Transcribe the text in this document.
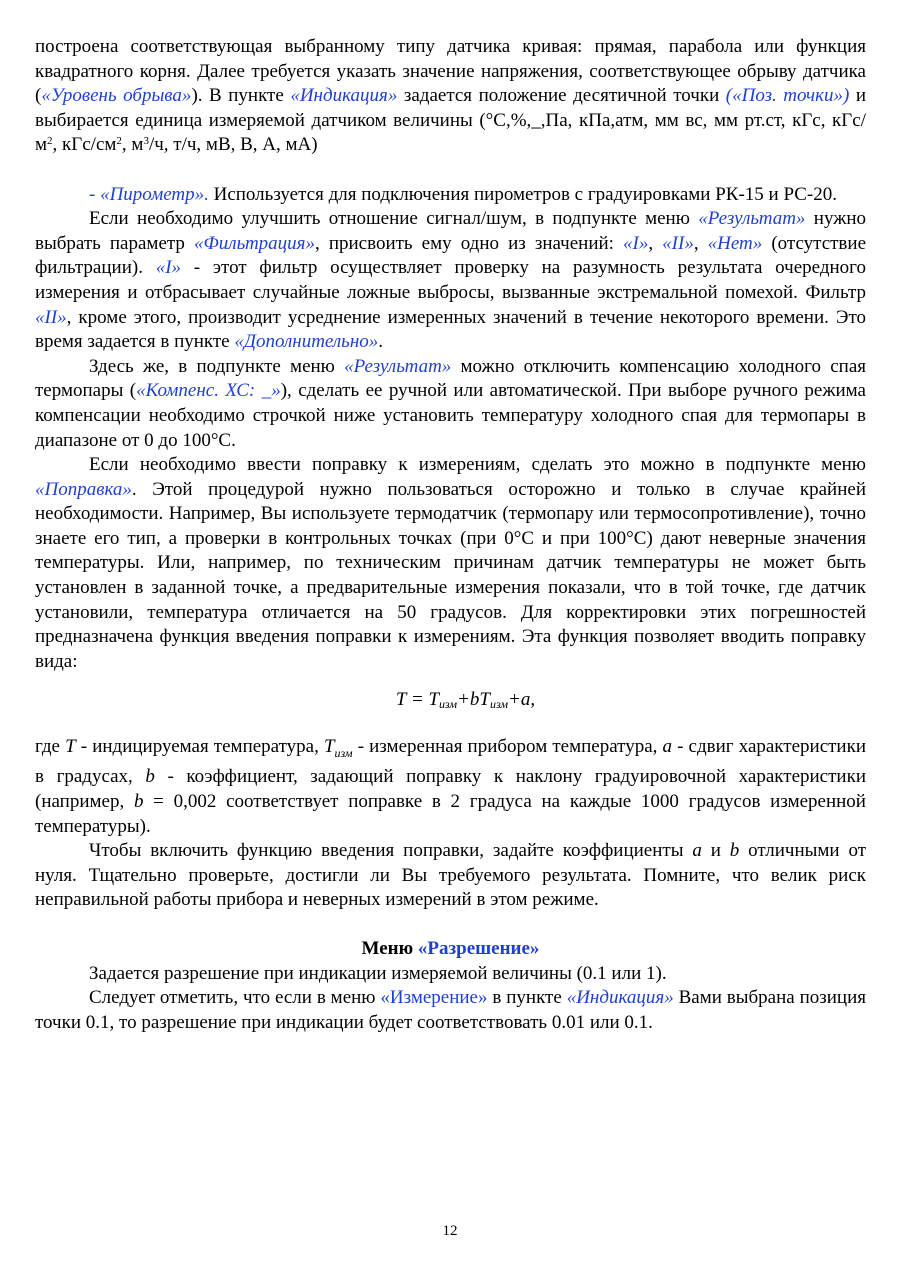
построена соответствующая выбранному типу датчика кривая: прямая, парабола или функция квадратного корня. Далее требуется указать значение напряжения, соответствующее обрыву датчика («Уровень обрыва»). В пункте «Индикация» задается положение десятичной точки («Поз. точки») и выбирается единица измеряемой датчиком величины (°С,%,_,Па, кПа,атм, мм вс, мм рт.ст, кГс, кГс/$м^2$, кГс/$см^2$, $м^3/ч$, т/ч, мВ, В, А, мА)

- «Пирометр». Используется для подключения пирометров с градуировками РК-15 и РС-20.

Если необходимо улучшить отношение сигнал/шум, в подпункте меню «Результат» нужно выбрать параметр «Фильтрация», присвоить ему одно из значений: «I», «II», «Нет» (отсутствие фильтрации). «I» - этот фильтр осуществляет проверку на разумность результата очередного измерения и отбрасывает случайные ложные выбросы, вызванные экстремальной помехой. Фильтр «II», кроме этого, производит усреднение измеренных значений в течение некоторого времени. Это время задается в пункте «Дополнительно».

Здесь же, в подпункте меню «Результат» можно отключить компенсацию холодного спая термопары («Компенс. ХС: _»), сделать ее ручной или автоматической. При выборе ручного режима компенсации необходимо строчкой ниже установить температуру холодного спая для термопары в диапазоне от 0 до 100°С.

Если необходимо ввести поправку к измерениям, сделать это можно в подпункте меню «Поправка». Этой процедурой нужно пользоваться осторожно и только в случае крайней необходимости. Например, Вы используете термодатчик (термопару или термосопротивление), точно знаете его тип, а проверки в контрольных точках (при 0°С и при 100°С) дают неверные значения температуры. Или, например, по техническим причинам датчик температуры не может быть установлен в заданной точке, а предварительные измерения показали, что в той точке, где датчик установили, температура отличается на 50 градусов. Для корректировки этих погрешностей предназначена функция введения поправки к измерениям. Эта функция позволяет вводить поправку вида:

$T = T_{изм}+bT_{изм}+a$,

где T - индицируемая температура, $T_{изм}$ - измеренная прибором температура, a - сдвиг характеристики в градусах, b - коэффициент, задающий поправку к наклону градуировочной характеристики (например, b = 0,002 соответствует поправке в 2 градуса на каждые 1000 градусов измеренной температуры).

Чтобы включить функцию введения поправки, задайте коэффициенты a и b отличными от нуля. Тщательно проверьте, достигли ли Вы требуемого результата. Помните, что велик риск неправильной работы прибора и неверных измерений в этом режиме.

Меню «Разрешение»

Задается разрешение при индикации измеряемой величины (0.1 или 1).

Следует отметить, что если в меню «Измерение» в пункте «Индикация» Вами выбрана позиция точки 0.1, то разрешение при индикации будет соответствовать 0.01 или 0.1.

12
